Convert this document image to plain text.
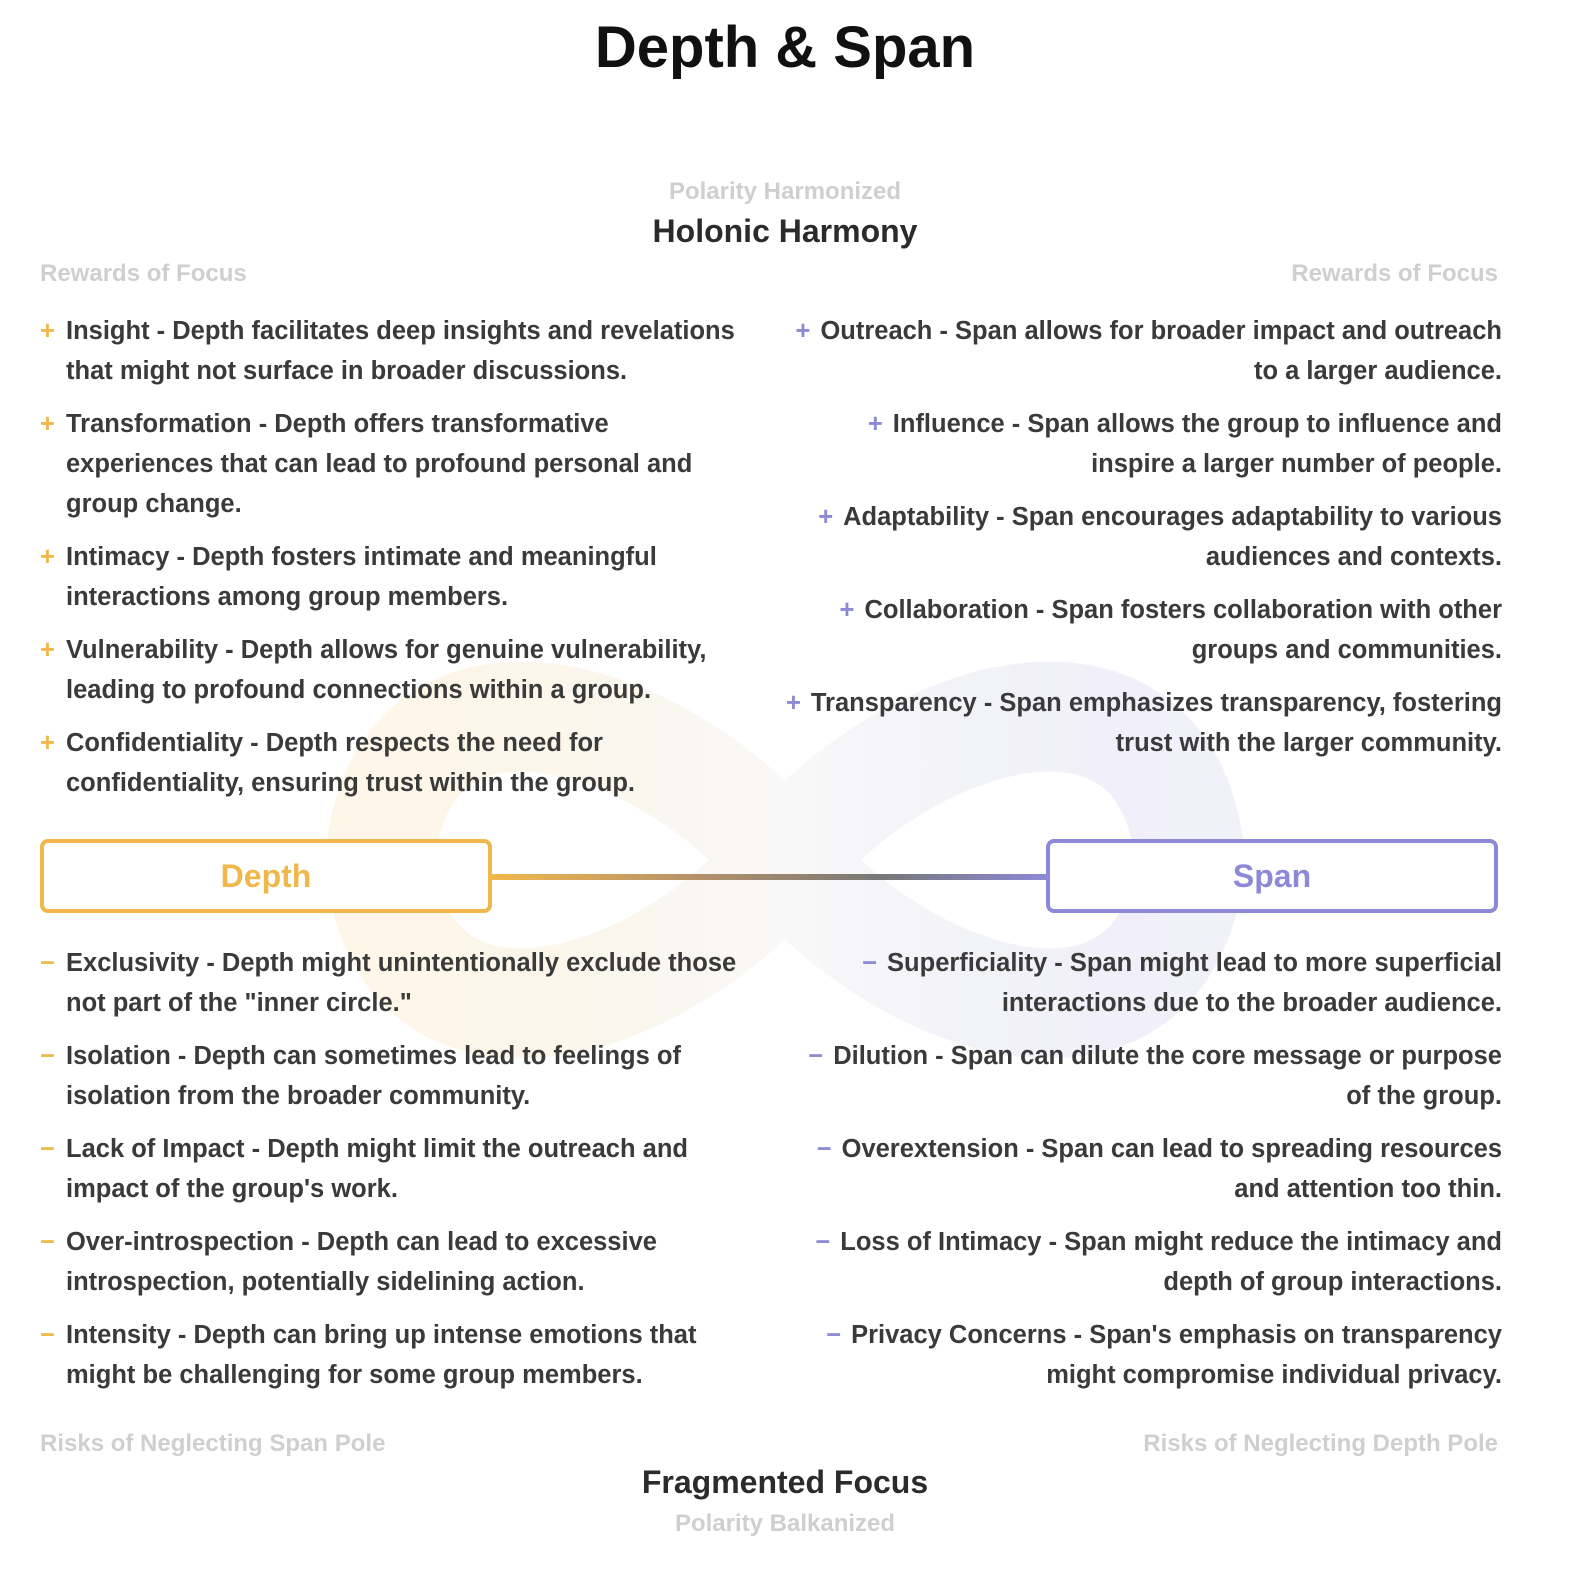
Depth & Span

Polarity Harmonized

Holonic Harmony

Rewards of Focus	Rewards of Focus

+ Insight - Depth facilitates deep insights and revelations that might not surface in broader discussions.
+ Transformation - Depth offers transformative experiences that can lead to profound personal and group change.
+ Intimacy - Depth fosters intimate and meaningful interactions among group members.
+ Vulnerability - Depth allows for genuine vulnerability, leading to profound connections within a group.
+ Confidentiality - Depth respects the need for confidentiality, ensuring trust within the group.
+ Outreach - Span allows for broader impact and outreach to a larger audience.
+ Influence - Span allows the group to influence and inspire a larger number of people.
+ Adaptability - Span encourages adaptability to various audiences and contexts.
+ Collaboration - Span fosters collaboration with other groups and communities.
+ Transparency - Span emphasizes transparency, fostering trust with the larger community.
Depth	Span
− Exclusivity - Depth might unintentionally exclude those not part of the "inner circle."
− Isolation - Depth can sometimes lead to feelings of isolation from the broader community.
− Lack of Impact - Depth might limit the outreach and impact of the group's work.
− Over-introspection - Depth can lead to excessive introspection, potentially sidelining action.
− Intensity - Depth can bring up intense emotions that might be challenging for some group members.
− Superficiality - Span might lead to more superficial interactions due to the broader audience.
− Dilution - Span can dilute the core message or purpose of the group.
− Overextension - Span can lead to spreading resources and attention too thin.
− Loss of Intimacy - Span might reduce the intimacy and depth of group interactions.
− Privacy Concerns - Span's emphasis on transparency might compromise individual privacy.

Risks of Neglecting Span Pole	Risks of Neglecting Depth Pole

Fragmented Focus

Polarity Balkanized
